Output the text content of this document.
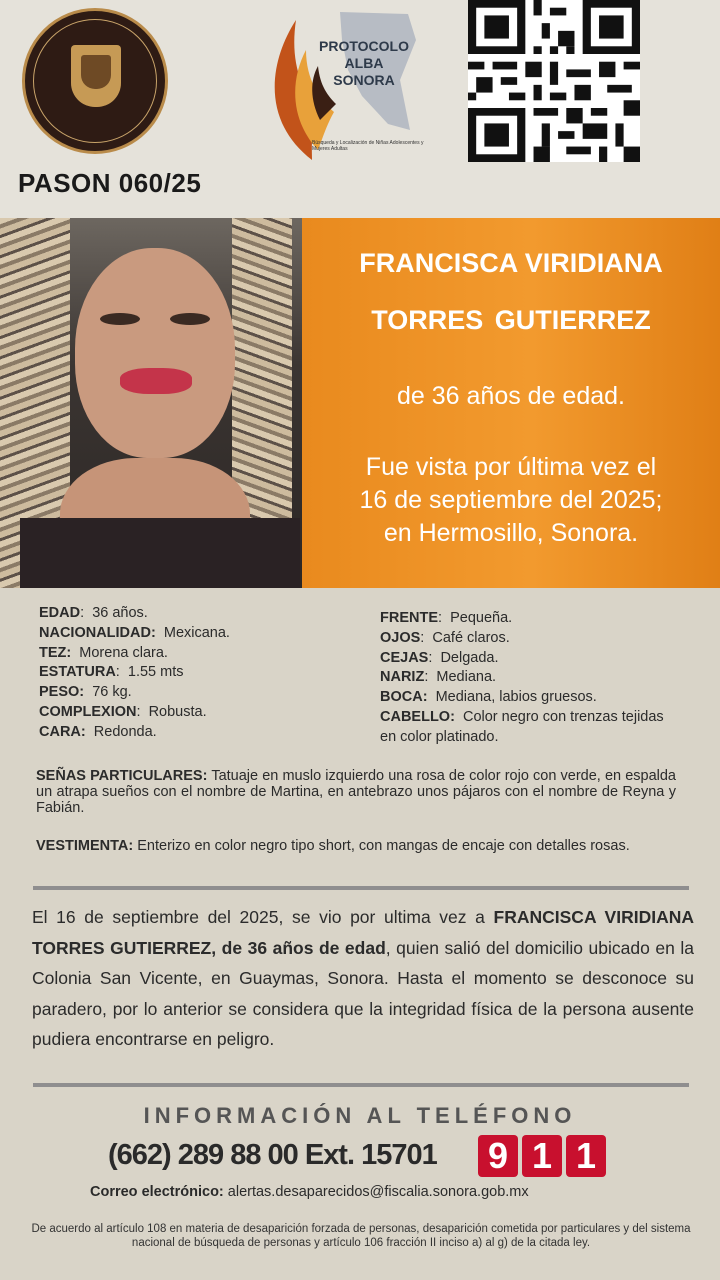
PROTOCOLO
ALBA
SONORA
Búsqueda y Localización de Niñas Adolescentes y Mujeres Adultas
PASON 060/25
FRANCISCA VIRIDIANA
TORRES GUTIERREZ
de 36 años de edad.
Fue vista por última vez el
16 de septiembre del 2025;
en Hermosillo, Sonora.
EDAD: 36 años.
NACIONALIDAD: Mexicana.
TEZ: Morena clara.
ESTATURA: 1.55 mts
PESO: 76 kg.
COMPLEXION: Robusta.
CARA: Redonda.
FRENTE: Pequeña.
OJOS: Café claros.
CEJAS: Delgada.
NARIZ: Mediana.
BOCA: Mediana, labios gruesos.
CABELLO: Color negro con trenzas tejidas en color platinado.
SEÑAS PARTICULARES: Tatuaje en muslo izquierdo una rosa de color rojo con verde, en espalda un atrapa sueños con el nombre de Martina, en antebrazo unos pájaros con el nombre de Reyna y Fabián.
VESTIMENTA: Enterizo en color negro tipo short, con mangas de encaje con detalles rosas.
El 16 de septiembre del 2025, se vio por ultima vez a FRANCISCA VIRIDIANA TORRES GUTIERREZ, de 36 años de edad, quien salió del domicilio ubicado en la Colonia San Vicente, en Guaymas, Sonora. Hasta el momento se desconoce su paradero, por lo anterior se considera que la integridad física de la persona ausente pudiera encontrarse en peligro.
INFORMACIÓN AL TELÉFONO
(662) 289 88 00 Ext. 15701 9 1 1
Correo electrónico: alertas.desaparecidos@fiscalia.sonora.gob.mx
De acuerdo al artículo 108 en materia de desaparición forzada de personas, desaparición cometida por particulares y del sistema nacional de búsqueda de personas y artículo 106 fracción II inciso a) al g) de la citada ley.
